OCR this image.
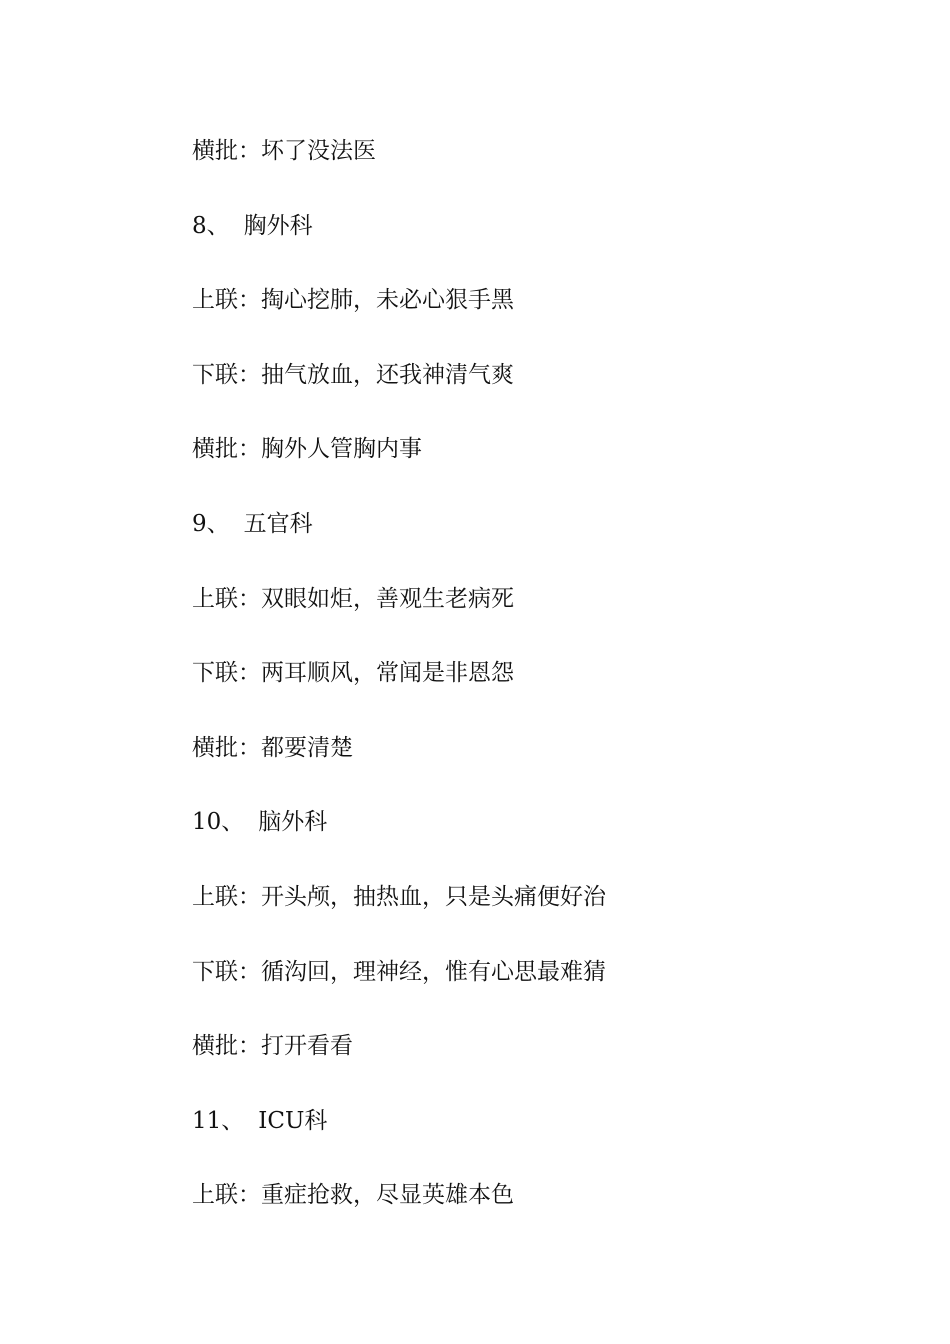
横批：坏了没法医
8、 胸外科
上联：掏心挖肺，未必心狠手黑
下联：抽气放血，还我神清气爽
横批：胸外人管胸内事
9、 五官科
上联：双眼如炬，善观生老病死
下联：两耳顺风，常闻是非恩怨
横批：都要清楚
10、 脑外科
上联：开头颅，抽热血，只是头痛便好治
下联：循沟回，理神经，惟有心思最难猜
横批：打开看看
11、 ICU科
上联：重症抢救，尽显英雄本色
